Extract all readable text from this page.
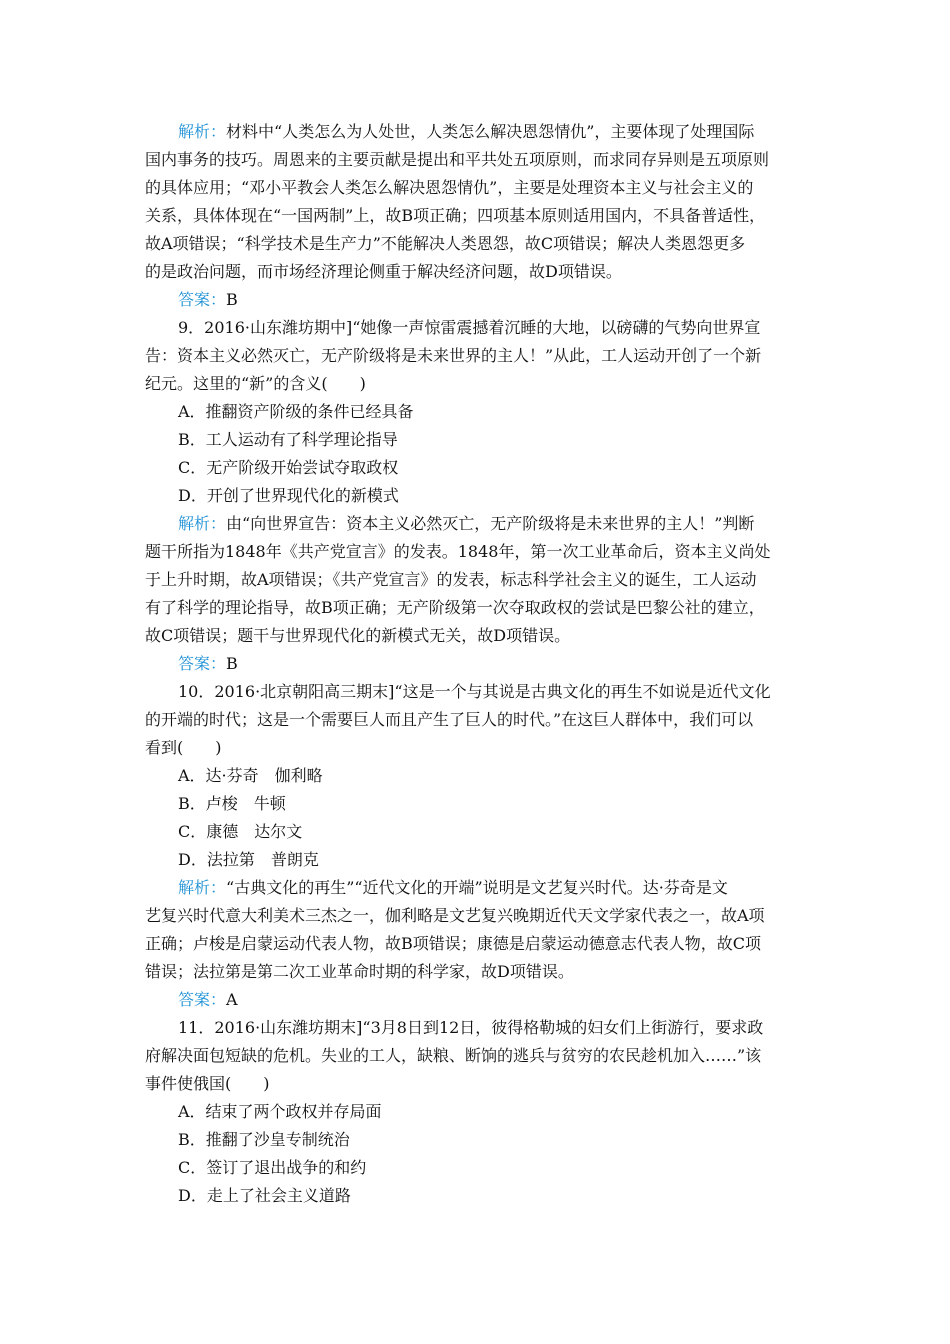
解析：材料中“人类怎么为人处世，人类怎么解决恩怨情仇”，主要体现了处理国际
国内事务的技巧。周恩来的主要贡献是提出和平共处五项原则，而求同存异则是五项原则
的具体应用；“邓小平教会人类怎么解决恩怨情仇”，主要是处理资本主义与社会主义的
关系，具体体现在“一国两制”上，故B项正确；四项基本原则适用国内，不具备普适性，
故A项错误；“科学技术是生产力”不能解决人类恩怨，故C项错误；解决人类恩怨更多
的是政治问题，而市场经济理论侧重于解决经济问题，故D项错误。
答案：B
9．2016·山东潍坊期中]“她像一声惊雷震撼着沉睡的大地，以磅礴的气势向世界宣
告：资本主义必然灭亡，无产阶级将是未来世界的主人！”从此，工人运动开创了一个新
纪元。这里的“新”的含义(　　)
A．推翻资产阶级的条件已经具备
B．工人运动有了科学理论指导
C．无产阶级开始尝试夺取政权
D．开创了世界现代化的新模式
解析：由“向世界宣告：资本主义必然灭亡，无产阶级将是未来世界的主人！”判断
题干所指为1848年《共产党宣言》的发表。1848年，第一次工业革命后，资本主义尚处
于上升时期，故A项错误；《共产党宣言》的发表，标志科学社会主义的诞生，工人运动
有了科学的理论指导，故B项正确；无产阶级第一次夺取政权的尝试是巴黎公社的建立，
故C项错误；题干与世界现代化的新模式无关，故D项错误。
答案：B
10．2016·北京朝阳高三期末]“这是一个与其说是古典文化的再生不如说是近代文化
的开端的时代；这是一个需要巨人而且产生了巨人的时代。”在这巨人群体中，我们可以
看到(　　)
A．达·芬奇　伽利略
B．卢梭　牛顿
C．康德　达尔文
D．法拉第　普朗克
解析：“古典文化的再生”“近代文化的开端”说明是文艺复兴时代。达·芬奇是文
艺复兴时代意大利美术三杰之一，伽利略是文艺复兴晚期近代天文学家代表之一，故A项
正确；卢梭是启蒙运动代表人物，故B项错误；康德是启蒙运动德意志代表人物，故C项
错误；法拉第是第二次工业革命时期的科学家，故D项错误。
答案：A
11．2016·山东潍坊期末]“3月8日到12日，彼得格勒城的妇女们上街游行，要求政
府解决面包短缺的危机。失业的工人，缺粮、断饷的逃兵与贫穷的农民趁机加入……”该
事件使俄国(　　)
A．结束了两个政权并存局面
B．推翻了沙皇专制统治
C．签订了退出战争的和约
D．走上了社会主义道路
